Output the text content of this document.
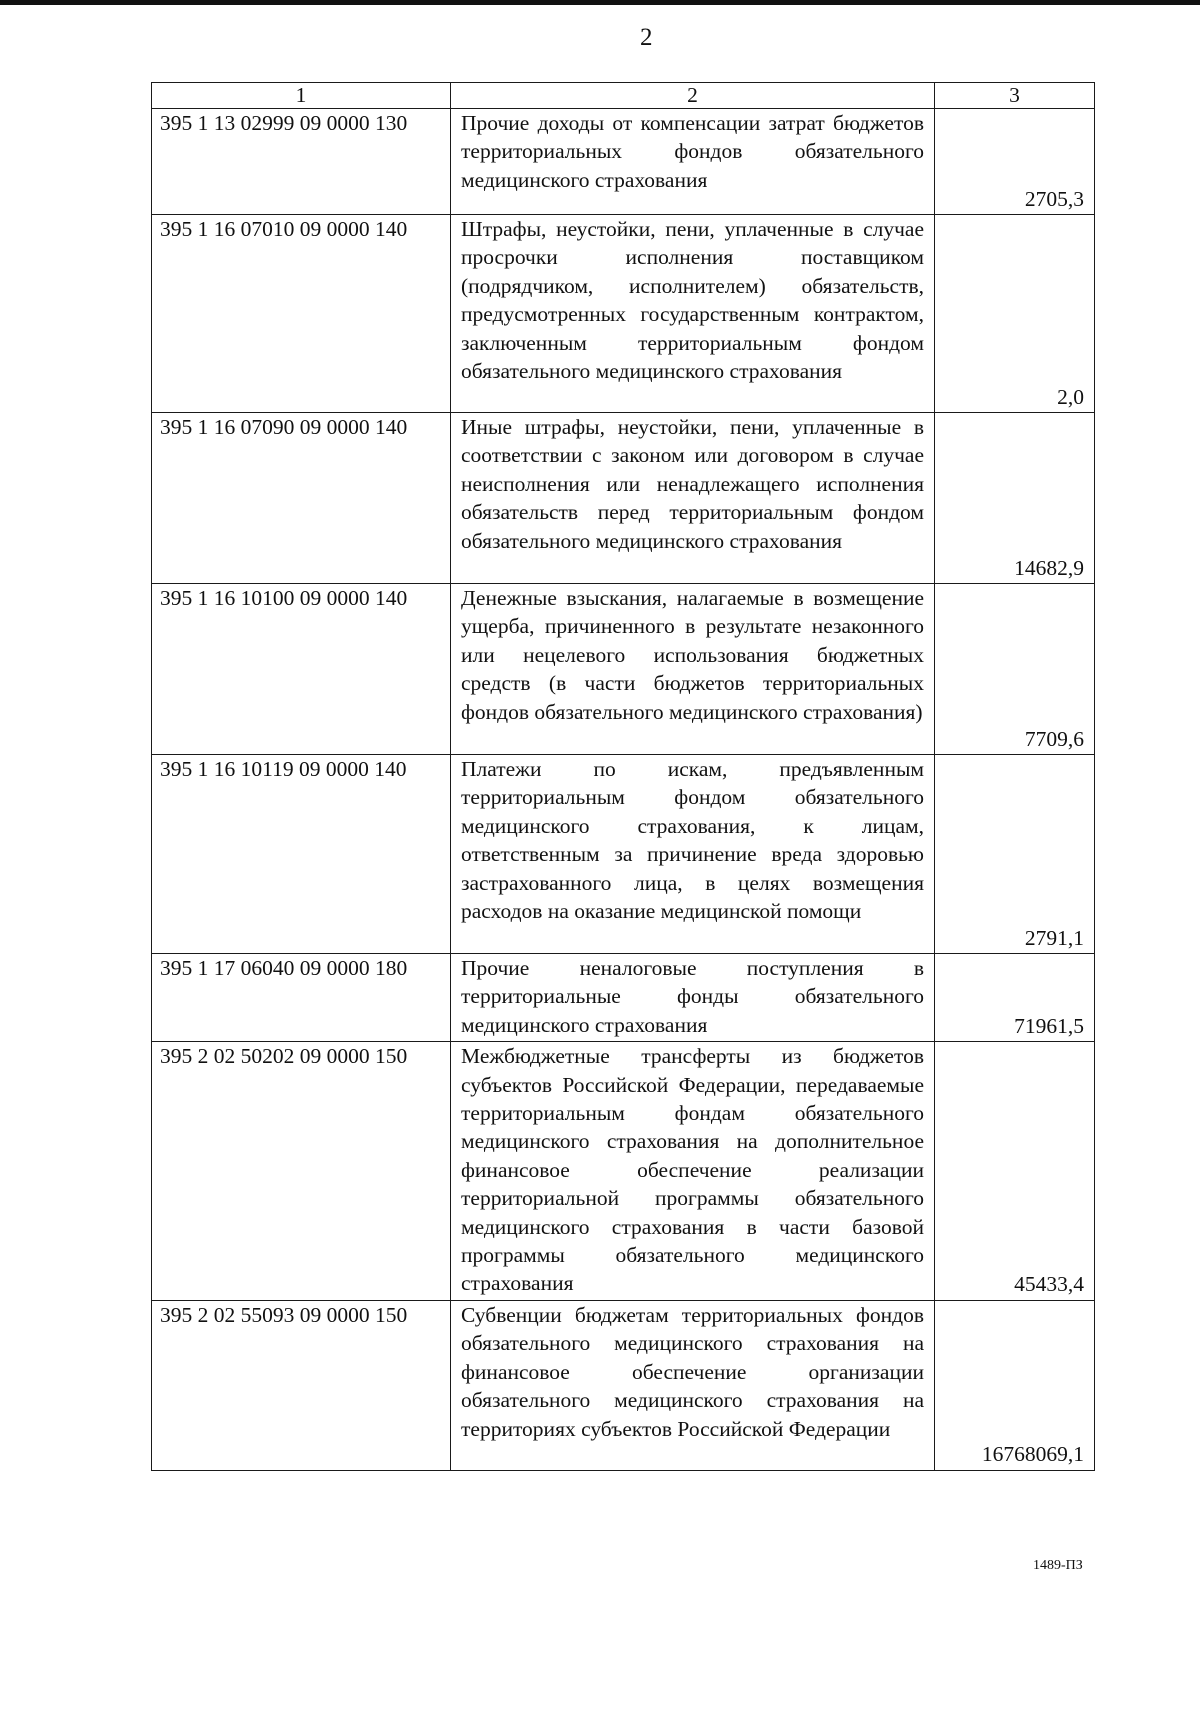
2
1	2	3
395 1 13 02999 09 0000 130	Прочие доходы от компенсации затрат бюджетов территориальных фондов обязательного медицинского страхования	2705,3
395 1 16 07010 09 0000 140	Штрафы, неустойки, пени, уплаченные в случае просрочки исполнения поставщиком (подрядчиком, исполнителем) обязательств, предусмотренных государственным контрактом, заключенным территориальным фондом обязательного медицинского страхования	2,0
395 1 16 07090 09 0000 140	Иные штрафы, неустойки, пени, уплаченные в соответствии с законом или договором в случае неисполнения или ненадлежащего исполнения обязательств перед территориальным фондом обязательного медицинского страхования	14682,9
395 1 16 10100 09 0000 140	Денежные взыскания, налагаемые в возмещение ущерба, причиненного в результате незаконного или нецелевого использования бюджетных средств (в части бюджетов территориальных фондов обязательного медицинского страхования)	7709,6
395 1 16 10119 09 0000 140	Платежи по искам, предъявленным территориальным фондом обязательного медицинского страхования, к лицам, ответственным за причинение вреда здоровью застрахованного лица, в целях возмещения расходов на оказание медицинской помощи	2791,1
395 1 17 06040 09 0000 180	Прочие неналоговые поступления в территориальные фонды обязательного медицинского страхования	71961,5
395 2 02 50202 09 0000 150	Межбюджетные трансферты из бюджетов субъектов Российской Федерации, передаваемые территориальным фондам обязательного медицинского страхования на дополнительное финансовое обеспечение реализации территориальной программы обязательного медицинского страхования в части базовой программы обязательного медицинского страхования	45433,4
395 2 02 55093 09 0000 150	Субвенции бюджетам территориальных фондов обязательного медицинского страхования на финансовое обеспечение организации обязательного медицинского страхования на территориях субъектов Российской Федерации	16768069,1
1489-ПЗ
